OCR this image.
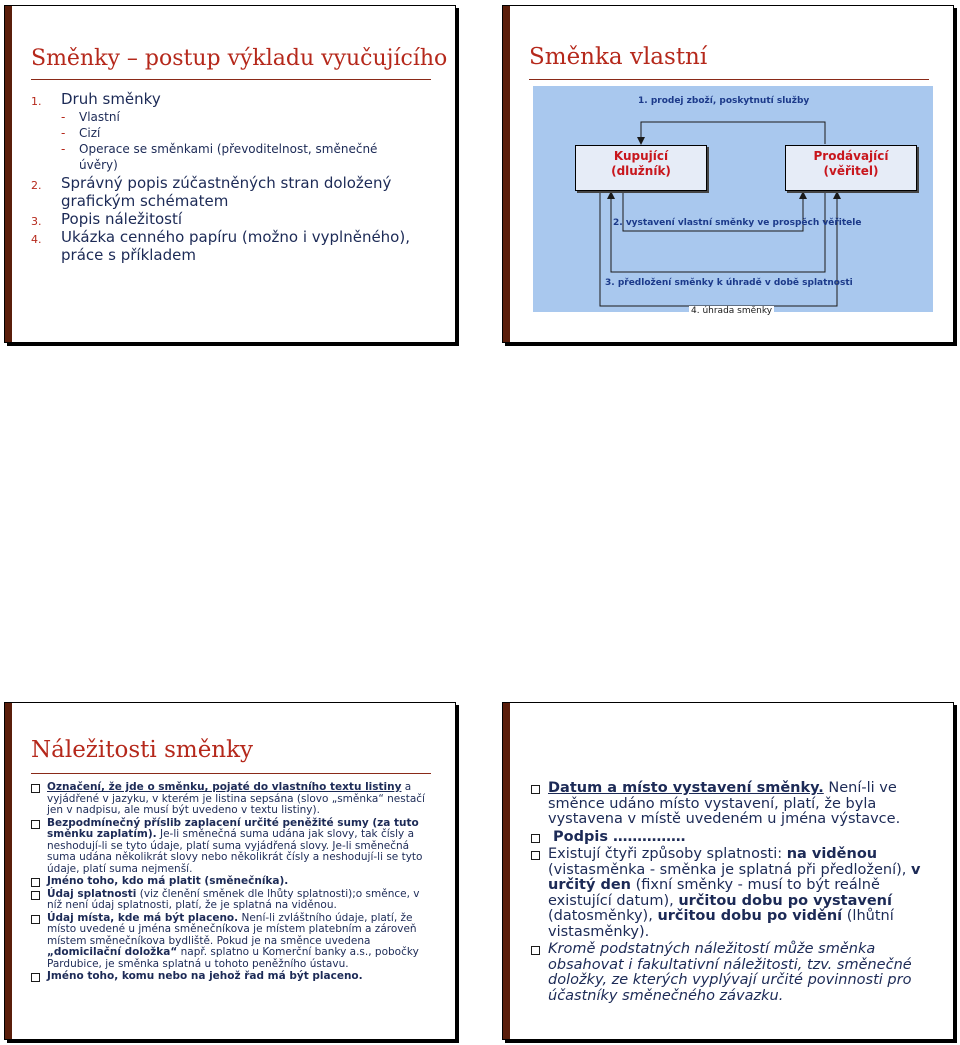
Směnky – postup výkladu vyučujícího
1. Druh směnky
- Vlastní
- Cizí
- Operace se směnkami (převoditelnost, směnečné úvěry)
2. Správný popis zúčastněných stran doložený grafickým schématem
3. Popis náležitostí
4. Ukázka cenného papíru (možno i vyplněného), práce s příkladem
Směnka vlastní
Kupující (dlužník)
Prodávající (věřitel)
1. prodej zboží, poskytnutí služby
2. vystavení vlastní směnky ve prospěch věřitele
3. předložení směnky k úhradě v době splatnosti
4. úhrada směnky
Náležitosti směnky
Označení, že jde o směnku, pojaté do vlastního textu listiny a vyjádřené v jazyku, v kterém je listina sepsána (slovo „směnka“ nestačí jen v nadpisu, ale musí být uvedeno v textu listiny).
Bezpodmínečný příslib zaplacení určité peněžité sumy (za tuto směnku zaplatím). Je-li směnečná suma udána jak slovy, tak čísly a neshodují-li se tyto údaje, platí suma vyjádřená slovy. Je-li směnečná suma udána několikrát slovy nebo několikrát čísly a neshodují-li se tyto údaje, platí suma nejmenší.
Jméno toho, kdo má platit (směnečníka).
Údaj splatnosti (viz členění směnek dle lhůty splatnosti);o směnce, v níž není údaj splatnosti, platí, že je splatná na viděnou.
Údaj místa, kde má být placeno. Není-li zvláštního údaje, platí, že místo uvedené u jména směnečníkova je místem platebním a zároveň místem směnečníkova bydliště. Pokud je na směnce uvedena „domicilační doložka“ např. splatno u Komerční banky a.s., pobočky Pardubice, je směnka splatná u tohoto peněžního ústavu.
Jméno toho, komu nebo na jehož řad má být placeno.
Datum a místo vystavení směnky. Není-li ve směnce udáno místo vystavení, platí, že byla vystavena v místě uvedeném u jména výstavce.
Podpis ……………
Existují čtyři způsoby splatnosti: na viděnou (vistasměnka - směnka je splatná při předložení), v určitý den (fixní směnky - musí to být reálně existující datum), určitou dobu po vystavení (datosměnky), určitou dobu po vidění (lhůtní vistasměnky).
Kromě podstatných náležitostí může směnka obsahovat i fakultativní náležitosti, tzv. směnečné doložky, ze kterých vyplývají určité povinnosti pro účastníky směnečného závazku.
